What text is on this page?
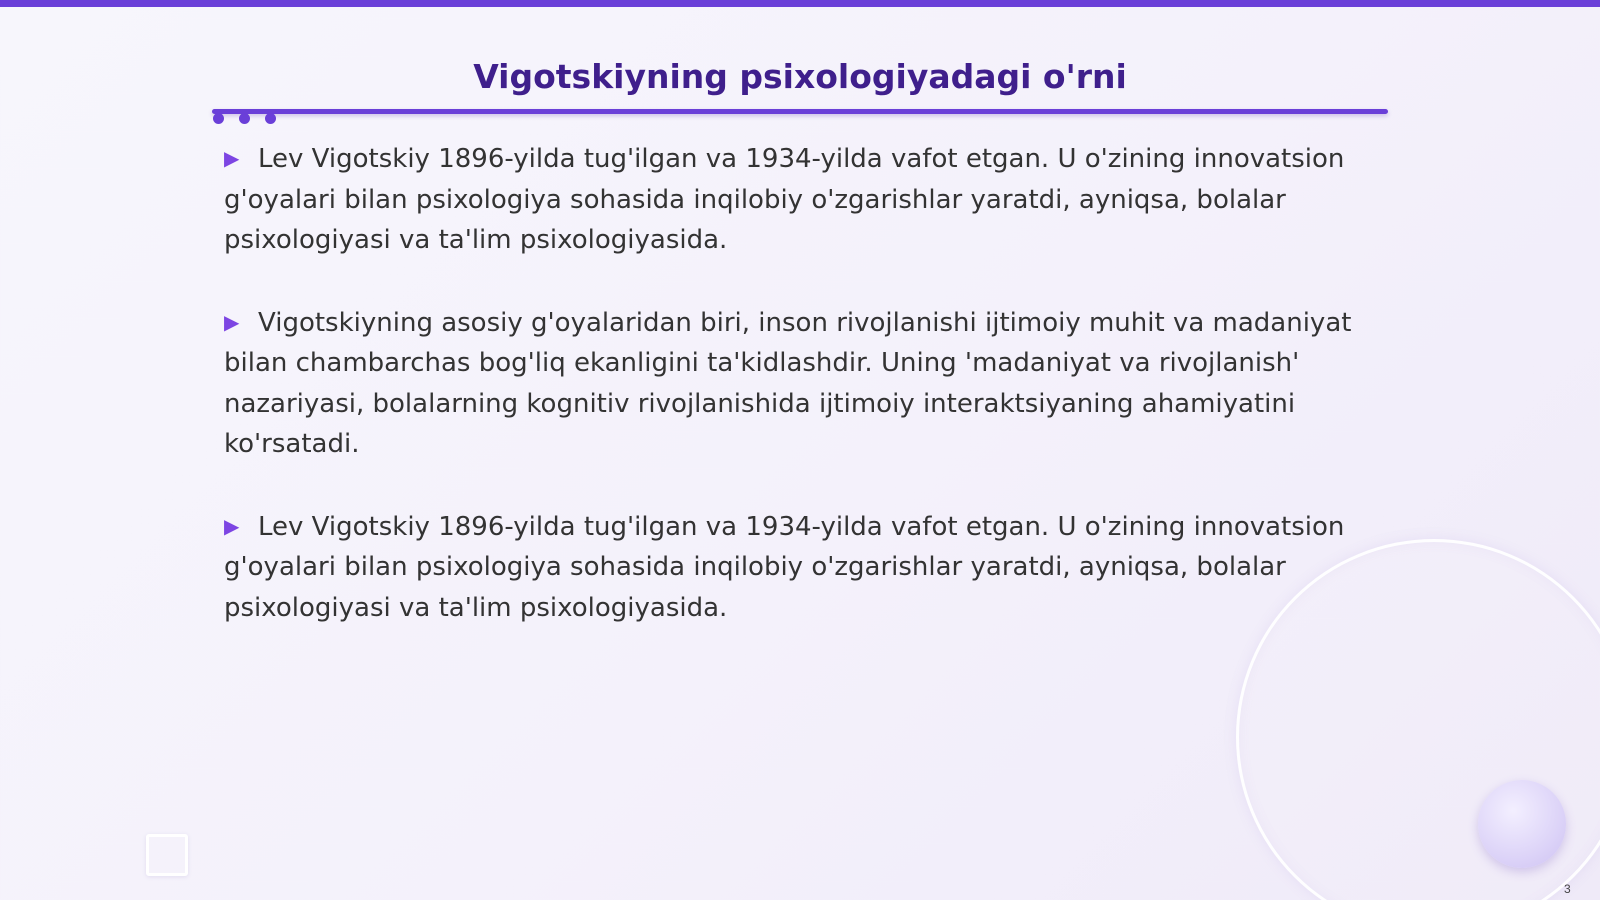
Vigotskiyning psixologiyadagi o'rni

▶ Lev Vigotskiy 1896-yilda tug'ilgan va 1934-yilda vafot etgan. U o'zining innovatsion g'oyalari bilan psixologiya sohasida inqilobiy o'zgarishlar yaratdi, ayniqsa, bolalar psixologiyasi va ta'lim psixologiyasida.

▶ Vigotskiyning asosiy g'oyalaridan biri, inson rivojlanishi ijtimoiy muhit va madaniyat bilan chambarchas bog'liq ekanligini ta'kidlashdir. Uning 'madaniyat va rivojlanish' nazariyasi, bolalarning kognitiv rivojlanishida ijtimoiy interaktsiyaning ahamiyatini ko'rsatadi.

▶ Lev Vigotskiy 1896-yilda tug'ilgan va 1934-yilda vafot etgan. U o'zining innovatsion g'oyalari bilan psixologiya sohasida inqilobiy o'zgarishlar yaratdi, ayniqsa, bolalar psixologiyasi va ta'lim psixologiyasida.

3
